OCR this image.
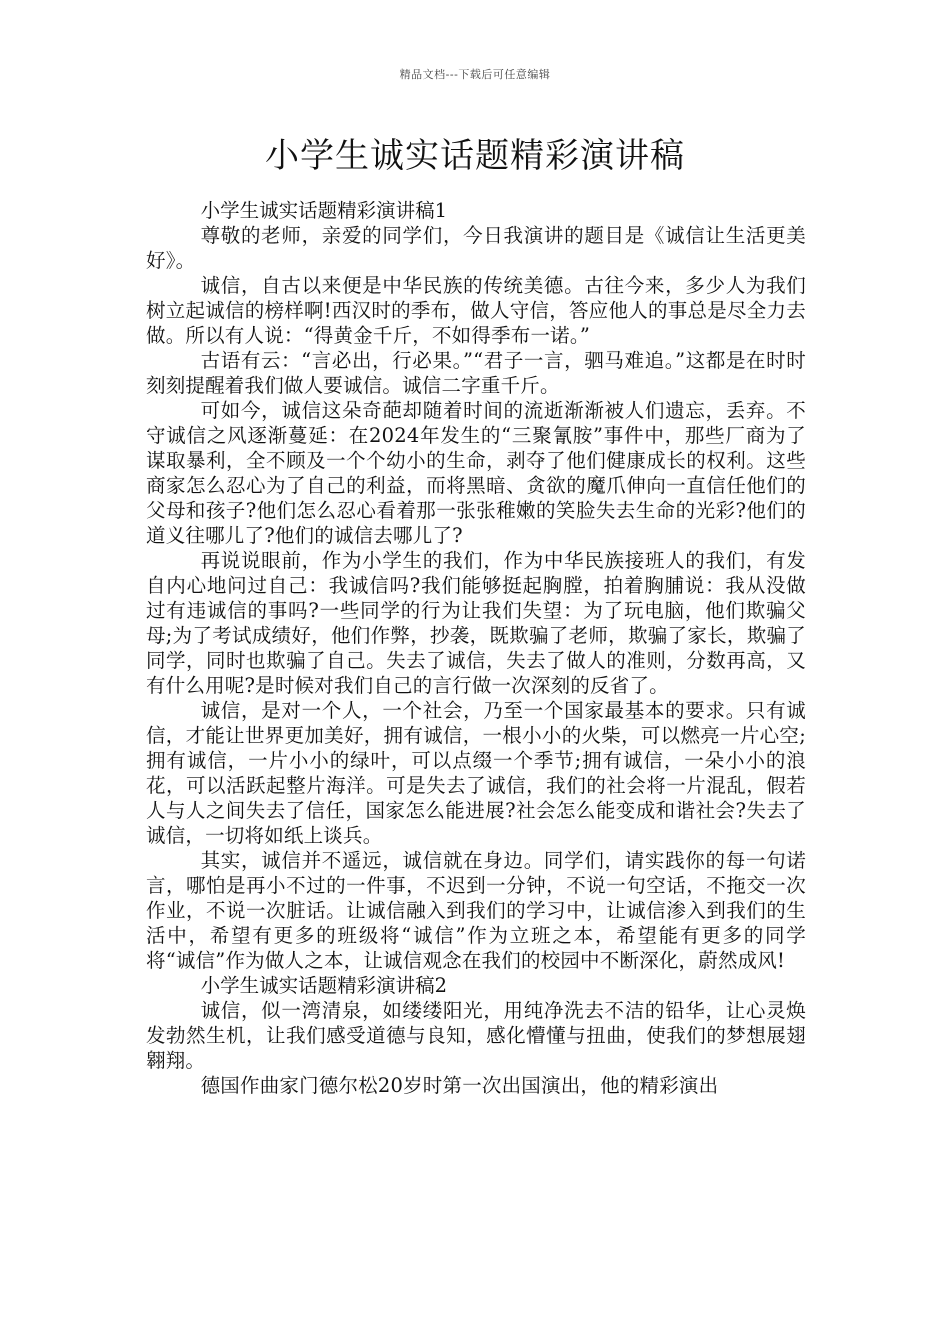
精品文档---下载后可任意编辑
小学生诚实话题精彩演讲稿

小学生诚实话题精彩演讲稿1

尊敬的老师，亲爱的同学们，今日我演讲的题目是《诚信让生活更美好》。

诚信，自古以来便是中华民族的传统美德。古往今来，多少人为我们树立起诚信的榜样啊!西汉时的季布，做人守信，答应他人的事总是尽全力去做。所以有人说：“得黄金千斤，不如得季布一诺。”

古语有云：“言必出，行必果。”“君子一言，驷马难追。”这都是在时时刻刻提醒着我们做人要诚信。诚信二字重千斤。

可如今，诚信这朵奇葩却随着时间的流逝渐渐被人们遗忘，丢弃。不守诚信之风逐渐蔓延：在2024年发生的“三聚氰胺”事件中，那些厂商为了谋取暴利，全不顾及一个个幼小的生命，剥夺了他们健康成长的权利。这些商家怎么忍心为了自己的利益，而将黑暗、贪欲的魔爪伸向一直信任他们的父母和孩子?他们怎么忍心看着那一张张稚嫩的笑脸失去生命的光彩?他们的道义往哪儿了?他们的诚信去哪儿了?

再说说眼前，作为小学生的我们，作为中华民族接班人的我们，有发自内心地问过自己：我诚信吗?我们能够挺起胸膛，拍着胸脯说：我从没做过有违诚信的事吗?一些同学的行为让我们失望：为了玩电脑，他们欺骗父母;为了考试成绩好，他们作弊，抄袭，既欺骗了老师，欺骗了家长，欺骗了同学，同时也欺骗了自己。失去了诚信，失去了做人的准则，分数再高，又有什么用呢?是时候对我们自己的言行做一次深刻的反省了。

诚信，是对一个人，一个社会，乃至一个国家最基本的要求。只有诚信，才能让世界更加美好，拥有诚信，一根小小的火柴，可以燃亮一片心空;拥有诚信，一片小小的绿叶，可以点缀一个季节;拥有诚信，一朵小小的浪花，可以活跃起整片海洋。可是失去了诚信，我们的社会将一片混乱，假若人与人之间失去了信任，国家怎么能进展?社会怎么能变成和谐社会?失去了诚信，一切将如纸上谈兵。

其实，诚信并不遥远，诚信就在身边。同学们，请实践你的每一句诺言，哪怕是再小不过的一件事，不迟到一分钟，不说一句空话，不拖交一次作业，不说一次脏话。让诚信融入到我们的学习中，让诚信渗入到我们的生活中，希望有更多的班级将“诚信”作为立班之本，希望能有更多的同学将“诚信”作为做人之本，让诚信观念在我们的校园中不断深化，蔚然成风!

小学生诚实话题精彩演讲稿2

诚信，似一湾清泉，如缕缕阳光，用纯净洗去不洁的铅华，让心灵焕发勃然生机，让我们感受道德与良知，感化懵懂与扭曲，使我们的梦想展翅翱翔。

德国作曲家门德尔松20岁时第一次出国演出，他的精彩演出
